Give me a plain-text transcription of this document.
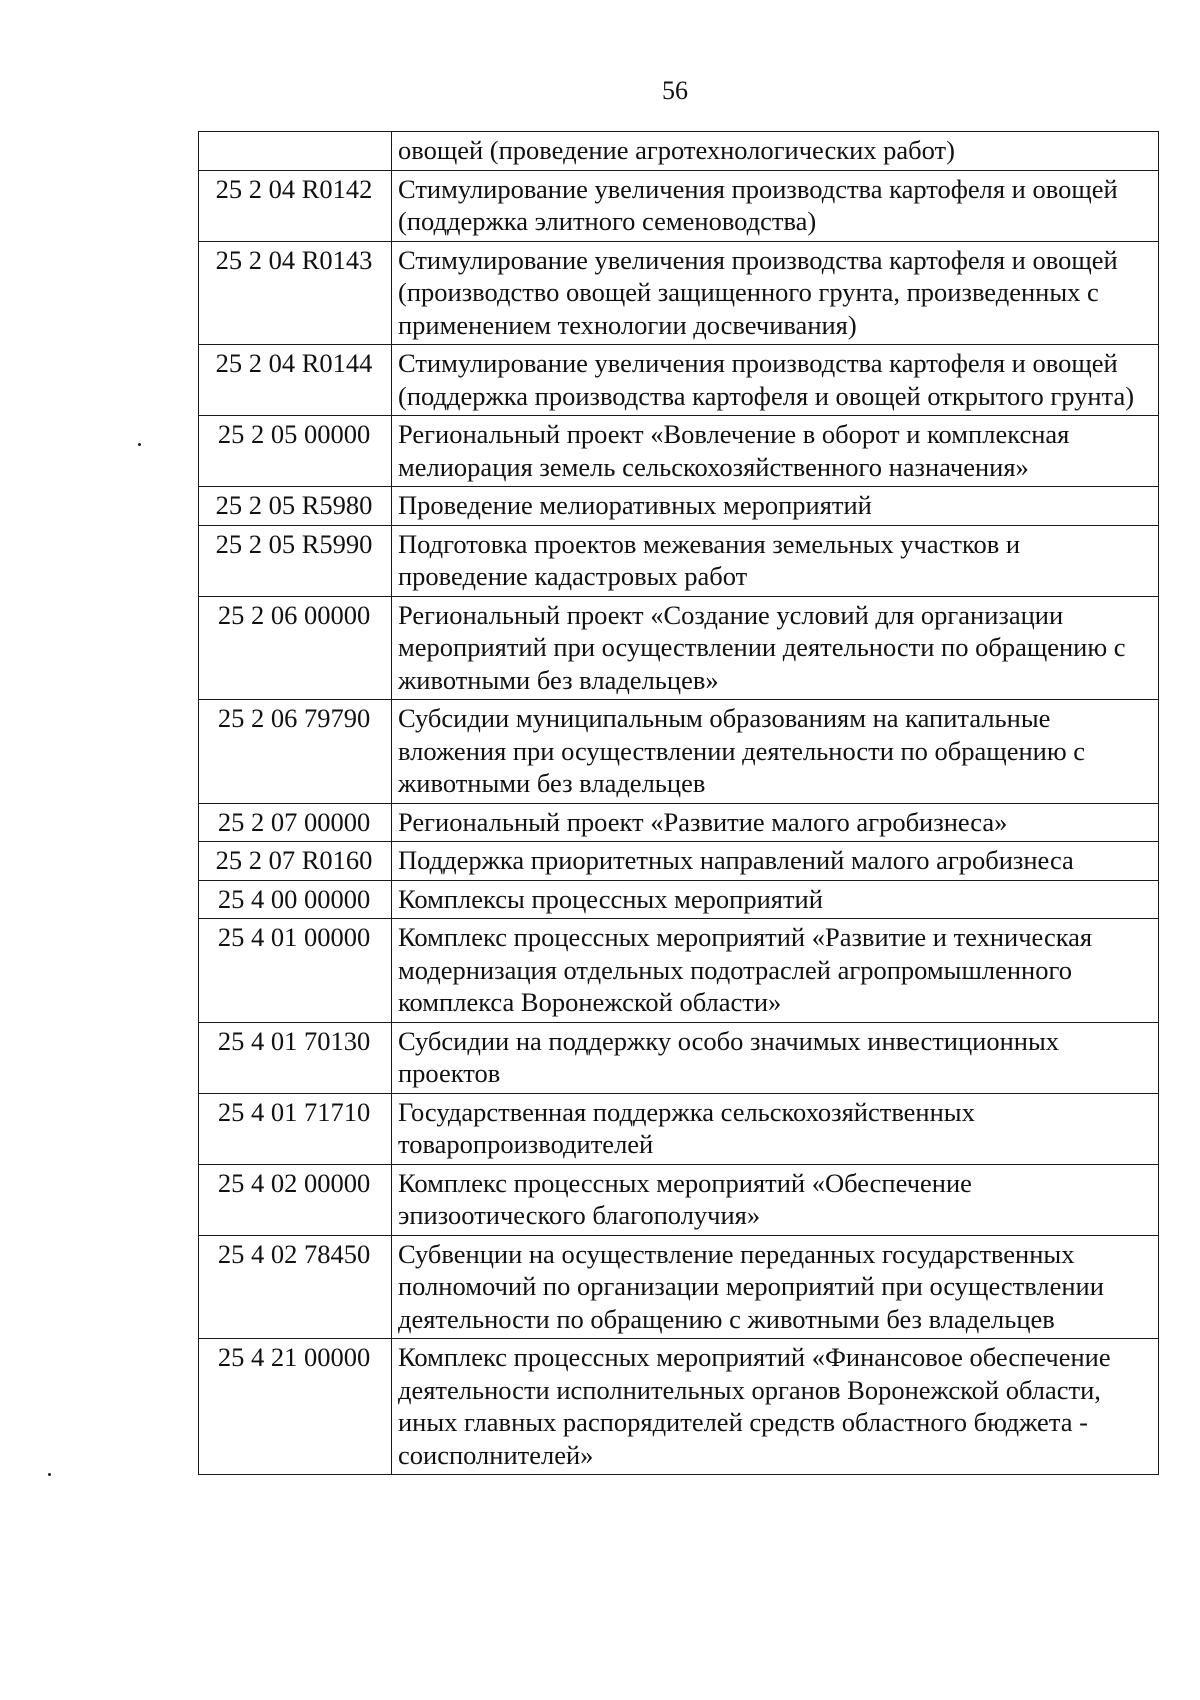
56
	овощей (проведение агротехнологических работ)
25 2 04 R0142	Стимулирование увеличения производства картофеля и овощей (поддержка элитного семеноводства)
25 2 04 R0143	Стимулирование увеличения производства картофеля и овощей (производство овощей защищенного грунта, произведенных с применением технологии досвечивания)
25 2 04 R0144	Стимулирование увеличения производства картофеля и овощей (поддержка производства картофеля и овощей открытого грунта)
25 2 05 00000	Региональный проект «Вовлечение в оборот и комплексная мелиорация земель сельскохозяйственного назначения»
25 2 05 R5980	Проведение мелиоративных мероприятий
25 2 05 R5990	Подготовка проектов межевания земельных участков и проведение кадастровых работ
25 2 06 00000	Региональный проект «Создание условий для организации мероприятий при осуществлении деятельности по обращению с животными без владельцев»
25 2 06 79790	Субсидии муниципальным образованиям на капитальные вложения при осуществлении деятельности по обращению с животными без владельцев
25 2 07 00000	Региональный проект «Развитие малого агробизнеса»
25 2 07 R0160	Поддержка приоритетных направлений малого агробизнеса
25 4 00 00000	Комплексы процессных мероприятий
25 4 01 00000	Комплекс процессных мероприятий «Развитие и техническая модернизация отдельных подотраслей агропромышленного комплекса Воронежской области»
25 4 01 70130	Субсидии на поддержку особо значимых инвестиционных проектов
25 4 01 71710	Государственная поддержка сельскохозяйственных товаропроизводителей
25 4 02 00000	Комплекс процессных мероприятий «Обеспечение эпизоотического благополучия»
25 4 02 78450	Субвенции на осуществление переданных государственных полномочий по организации мероприятий при осуществлении деятельности по обращению с животными без владельцев
25 4 21 00000	Комплекс процессных мероприятий «Финансовое обеспечение деятельности исполнительных органов Воронежской области, иных главных распорядителей средств областного бюджета - соисполнителей»
